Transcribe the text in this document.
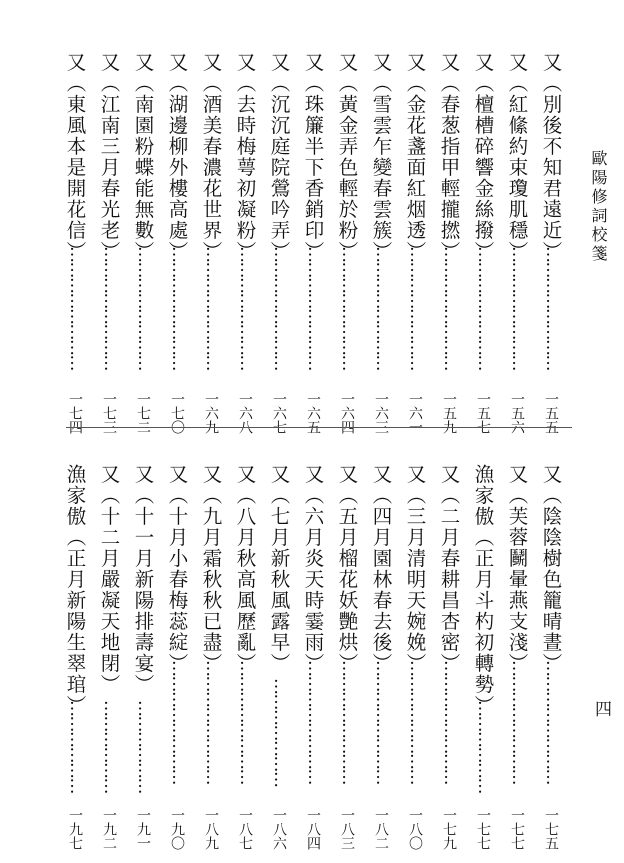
歐陽修詞校箋
四
又（別後不知君遠近）
……………………
一五五
又（紅絛約束瓊肌穩）
……………………
一五六
又（檀槽碎響金絲撥）
……………………
一五七
又（春葱指甲輕攏撚）
……………………
一五九
又（金花盞面紅烟透）
……………………
一六一
又（雪雲乍變春雲簇）
……………………
一六三
又（黃金弄色輕於粉）
……………………
一六四
又（珠簾半下香銷印）
……………………
一六五
又（沉沉庭院鶯吟弄）
……………………
一六七
又（去時梅萼初凝粉）
……………………
一六八
又（酒美春濃花世界）
……………………
一六九
又（湖邊柳外樓高處）
……………………
一七〇
又（南園粉蝶能無數）
……………………
一七二
又（江南三月春光老）
……………………
一七三
又（東風本是開花信）
……………………
一七四
又（陰陰樹色籠晴晝）
……………………
一七五
又（芙蓉鬭暈燕支淺）
……………………
一七七
漁家傲（正月斗杓初轉勢）
………………
一七七
又（二月春耕昌杏密）
……………………
一七九
又（三月清明天婉娩）
……………………
一八〇
又（四月園林春去後）
……………………
一八二
又（五月榴花妖艷烘）
……………………
一八三
又（六月炎天時霎雨）
……………………
一八四
又（七月新秋風露早）
…………………
一八六
又（八月秋高風歷亂）
……………………
一八七
又（九月霜秋秋已盡）
……………………
一八九
又（十月小春梅蕊綻）
……………………
一九〇
又（十一月新陽排壽宴）
………………
一九一
又（十二月嚴凝天地閉）
………………
一九二
漁家傲（正月新陽生翠琯）
………………
一九七
